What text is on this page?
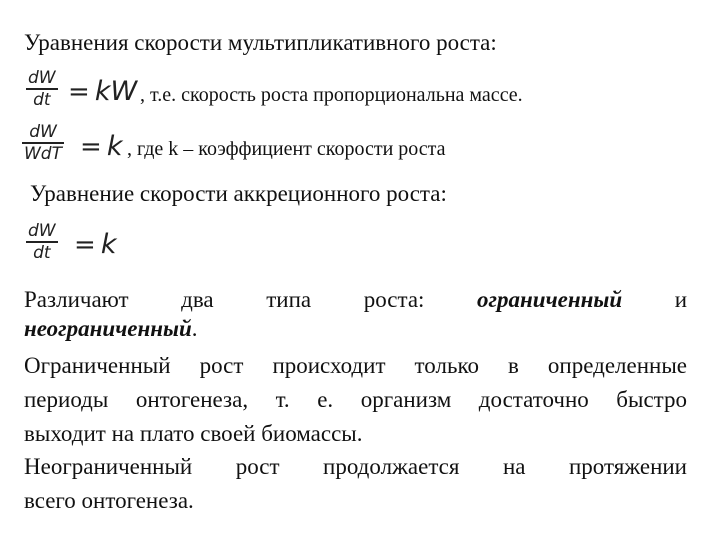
Уравнения скорости мультипликативного роста:
dW
dt = kW , т.е. скорость роста пропорциональна массе.
dW
WdT = k , где k – коэффициент скорости роста
Уравнение скорости аккреционного роста:
dW
dt = k
Различают два типа роста: ограниченный и
неограниченный.
Ограниченный рост происходит только в определенные
периоды онтогенеза, т. е. организм достаточно быстро
выходит на плато своей биомассы.
Неограниченный рост продолжается на протяжении
всего онтогенеза.
